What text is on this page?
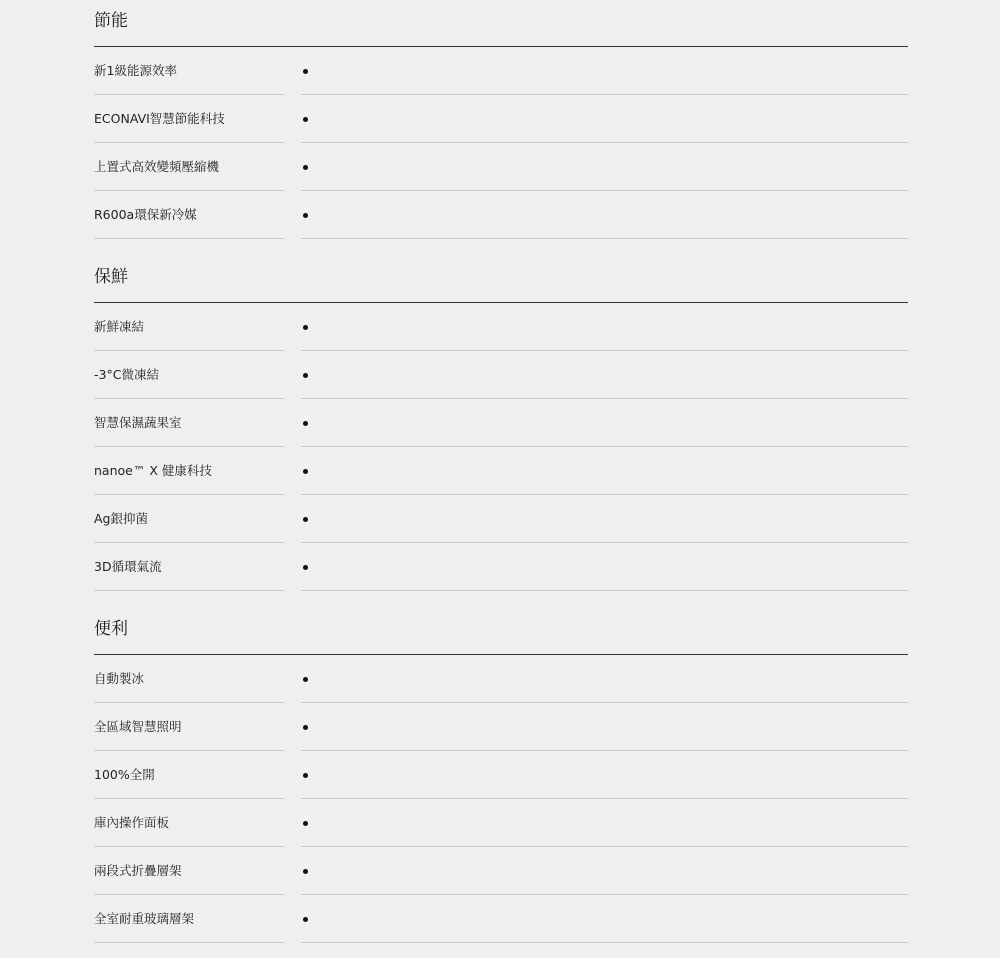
節能
新1級能源效率
ECONAVI智慧節能科技
上置式高效變頻壓縮機
R600a環保新冷媒
保鮮
新鮮凍結
-3°C微凍結
智慧保濕蔬果室
nanoe™ X 健康科技
Ag銀抑菌
3D循環氣流
便利
自動製冰
全區域智慧照明
100%全開
庫內操作面板
兩段式折疊層架
全室耐重玻璃層架
